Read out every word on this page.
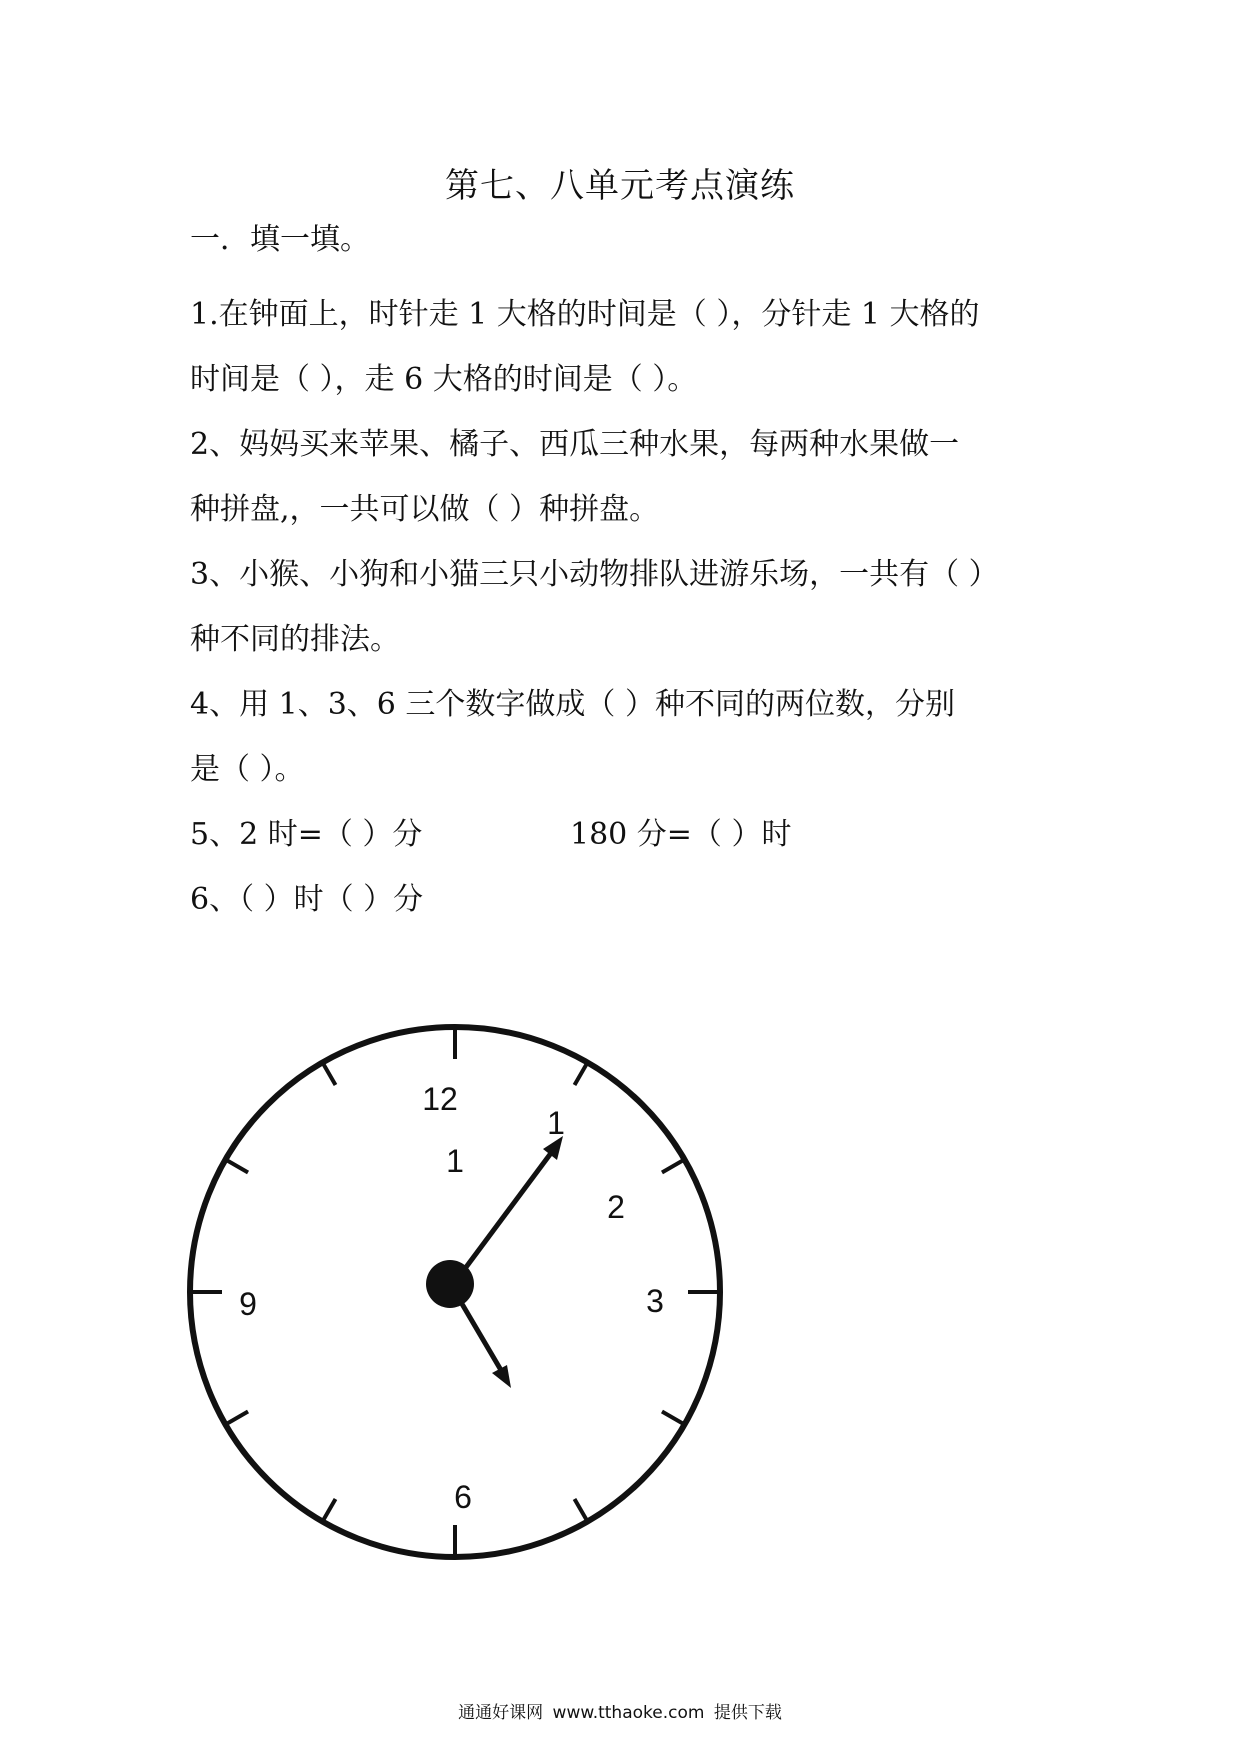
第七、八单元考点演练
一．填一填。
1.在钟面上，时针走 1 大格的时间是（ ），分针走 1 大格的
时间是（ ），走 6 大格的时间是（ ）。
2、妈妈买来苹果、橘子、西瓜三种水果，每两种水果做一
种拼盘,，一共可以做（ ）种拼盘。
3、小猴、小狗和小猫三只小动物排队进游乐场，一共有（ ）
种不同的排法。
4、用 1、3、6 三个数字做成（ ）种不同的两位数，分别
是（ ）。
5、2 时=（ ）分	180 分=（ ）时
6、（ ）时（ ）分
12
1
1
2
3
6
9
通通好课网 www.tthaoke.com 提供下载
